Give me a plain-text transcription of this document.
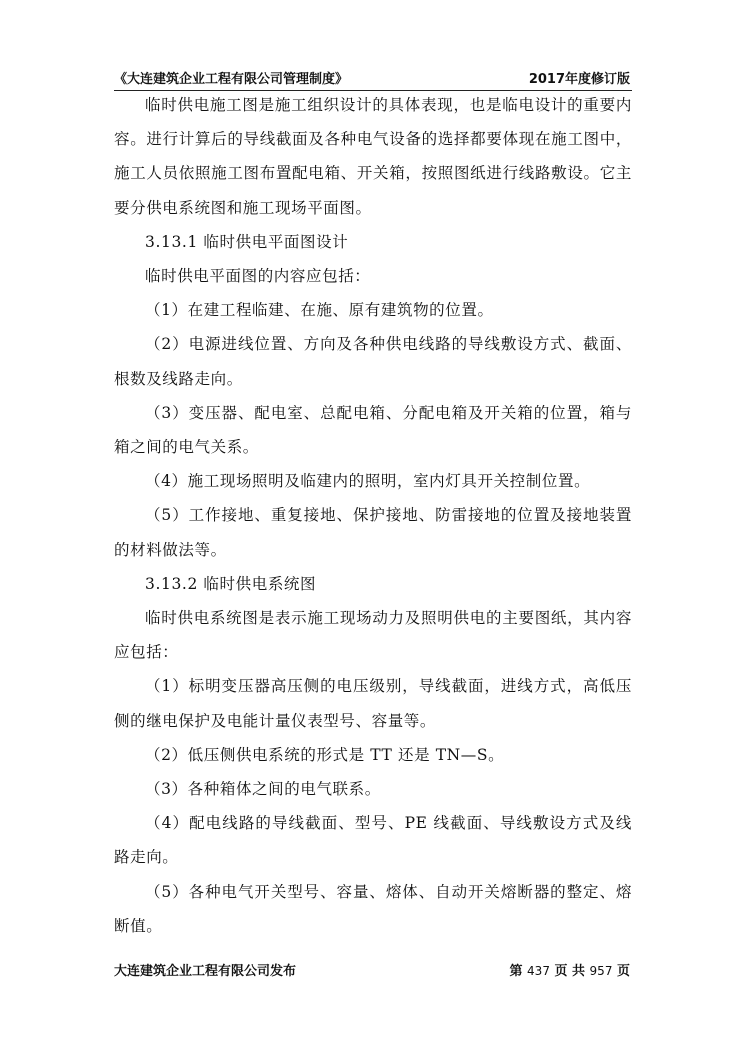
《大连建筑企业工程有限公司管理制度》	2017年度修订版

临时供电施工图是施工组织设计的具体表现，也是临电设计的重要内容。进行计算后的导线截面及各种电气设备的选择都要体现在施工图中，施工人员依照施工图布置配电箱、开关箱，按照图纸进行线路敷设。它主要分供电系统图和施工现场平面图。

3.13.1 临时供电平面图设计

临时供电平面图的内容应包括：

（1）在建工程临建、在施、原有建筑物的位置。

（2）电源进线位置、方向及各种供电线路的导线敷设方式、截面、根数及线路走向。

（3）变压器、配电室、总配电箱、分配电箱及开关箱的位置，箱与箱之间的电气关系。

（4）施工现场照明及临建内的照明，室内灯具开关控制位置。

（5）工作接地、重复接地、保护接地、防雷接地的位置及接地装置的材料做法等。

3.13.2 临时供电系统图

临时供电系统图是表示施工现场动力及照明供电的主要图纸，其内容应包括：

（1）标明变压器高压侧的电压级别，导线截面，进线方式，高低压侧的继电保护及电能计量仪表型号、容量等。

（2）低压侧供电系统的形式是 TT 还是 TN—S。

（3）各种箱体之间的电气联系。

（4）配电线路的导线截面、型号、PE 线截面、导线敷设方式及线路走向。

（5）各种电气开关型号、容量、熔体、自动开关熔断器的整定、熔断值。

大连建筑企业工程有限公司发布	第 437 页 共 957 页
